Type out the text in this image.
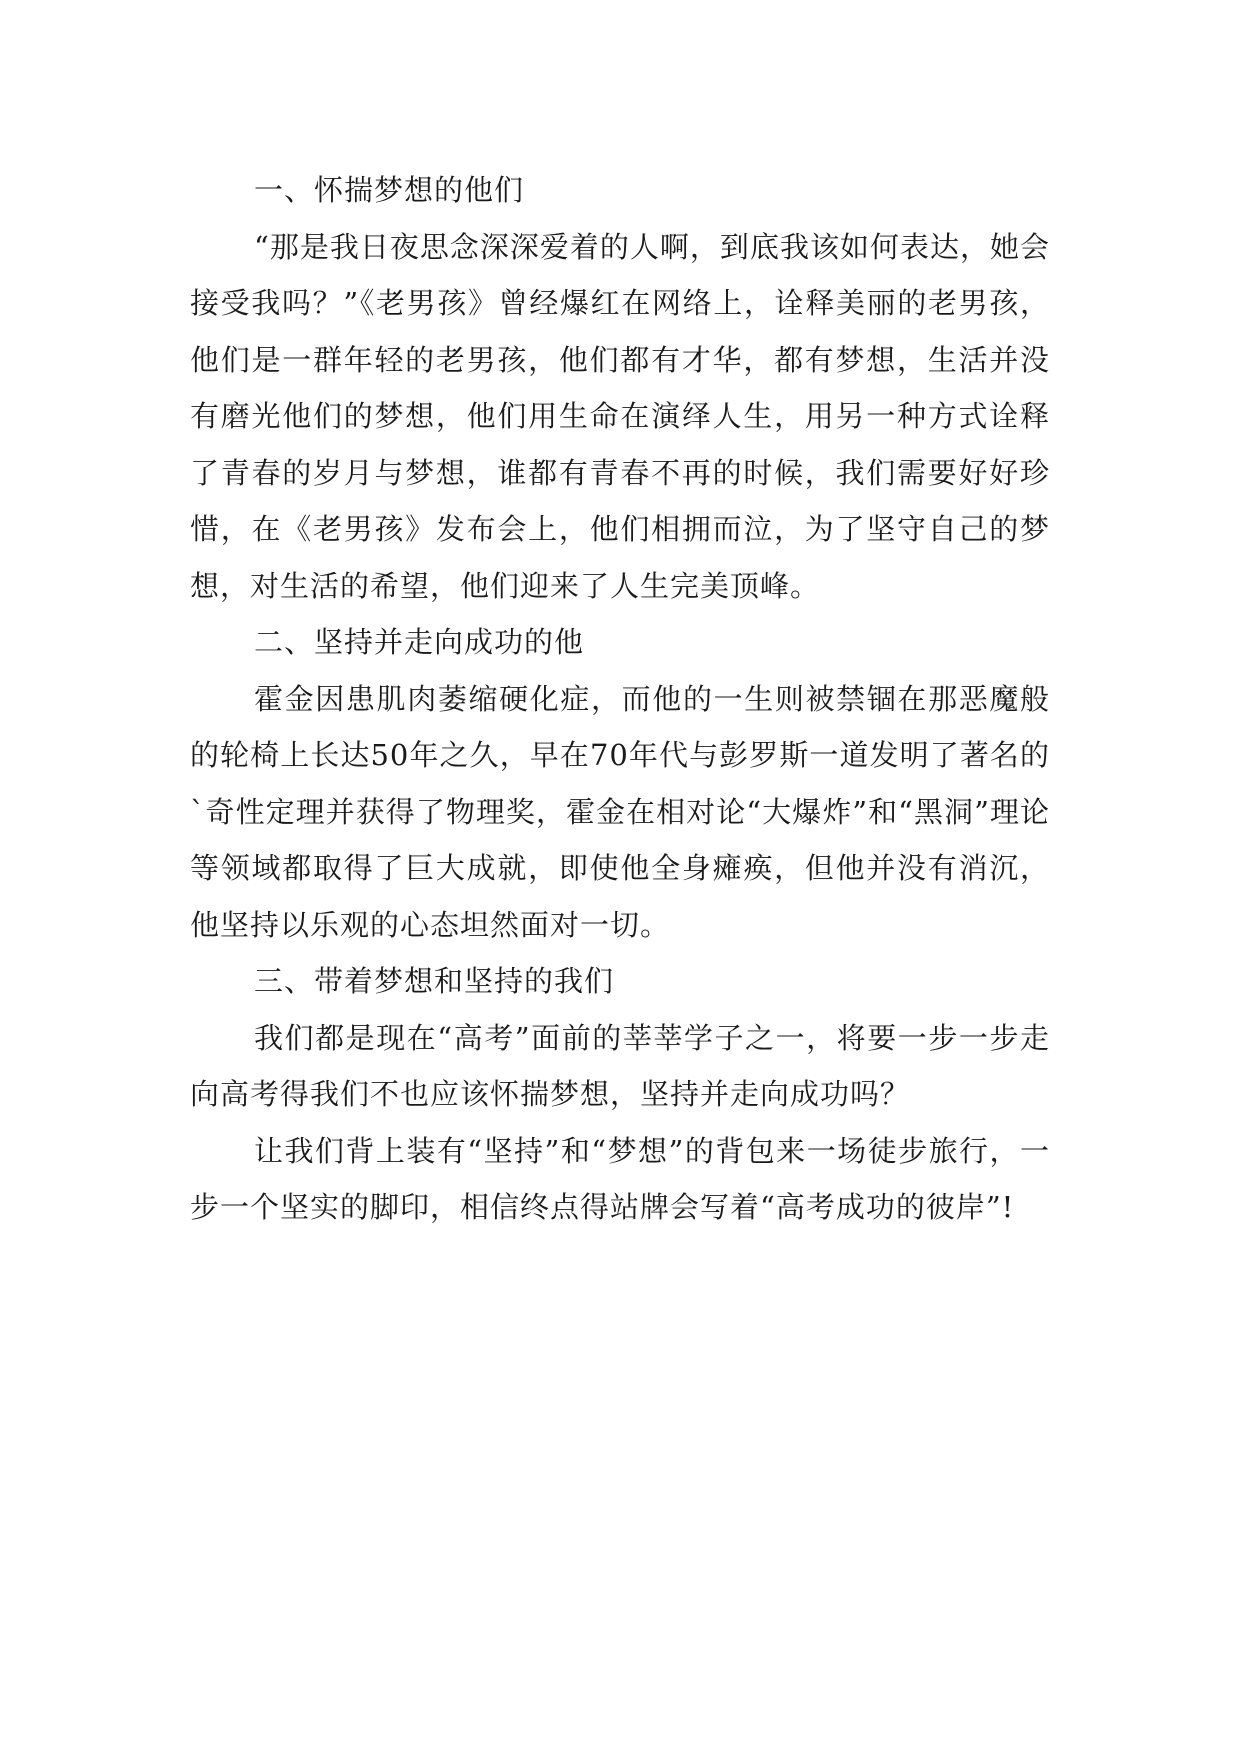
一、怀揣梦想的他们

“那是我日夜思念深深爱着的人啊，到底我该如何表达，她会接受我吗？”《老男孩》曾经爆红在网络上，诠释美丽的老男孩，他们是一群年轻的老男孩，他们都有才华，都有梦想，生活并没有磨光他们的梦想，他们用生命在演绎人生，用另一种方式诠释了青春的岁月与梦想，谁都有青春不再的时候，我们需要好好珍惜，在《老男孩》发布会上，他们相拥而泣，为了坚守自己的梦想，对生活的希望，他们迎来了人生完美顶峰。

二、坚持并走向成功的他

霍金因患肌肉萎缩硬化症，而他的一生则被禁锢在那恶魔般的轮椅上长达50年之久，早在70年代与彭罗斯一道发明了著名的`奇性定理并获得了物理奖，霍金在相对论“大爆炸”和“黑洞”理论等领域都取得了巨大成就，即使他全身瘫痪，但他并没有消沉，他坚持以乐观的心态坦然面对一切。

三、带着梦想和坚持的我们

我们都是现在“高考”面前的莘莘学子之一，将要一步一步走向高考得我们不也应该怀揣梦想，坚持并走向成功吗？

让我们背上装有“坚持”和“梦想”的背包来一场徒步旅行，一步一个坚实的脚印，相信终点得站牌会写着“高考成功的彼岸”!
